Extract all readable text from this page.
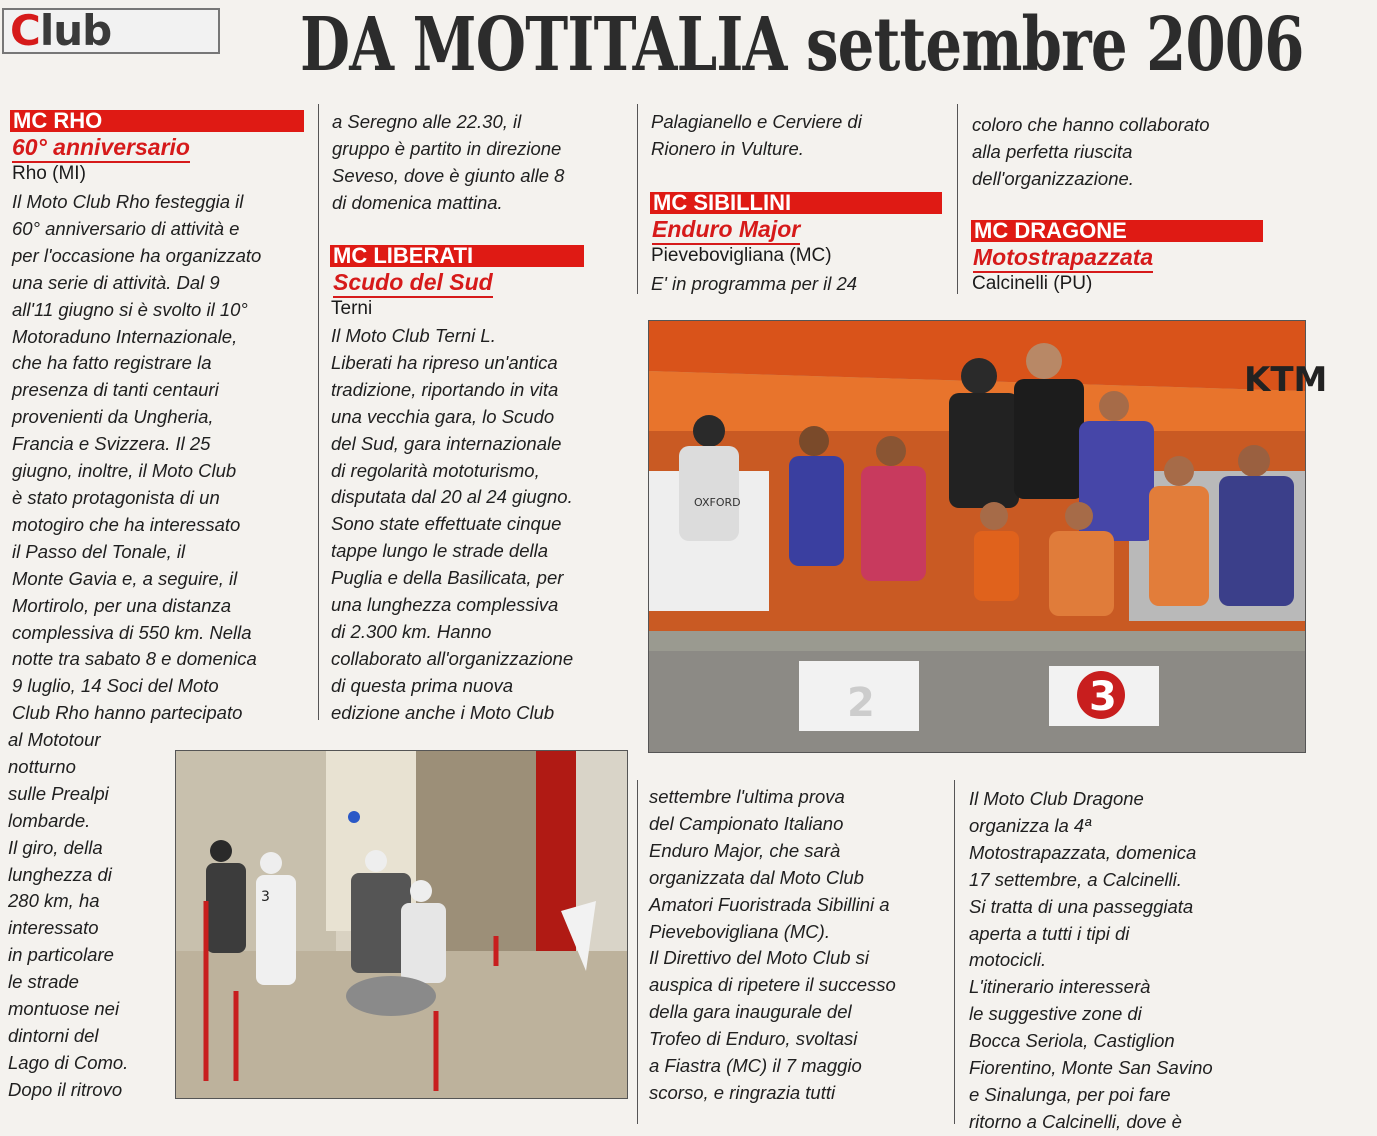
C lub	DA MOTITALIA settembre 2006
MC RHO
60° anniversario
Rho (MI)
Il Moto Club Rho festeggia il
60° anniversario di attività e
per l'occasione ha organizzato
una serie di attività. Dal 9
all'11 giugno si è svolto il 10°
Motoraduno Internazionale,
che ha fatto registrare la
presenza di tanti centauri
provenienti da Ungheria,
Francia e Svizzera. Il 25
giugno, inoltre, il Moto Club
è stato protagonista di un
motogiro che ha interessato
il Passo del Tonale, il
Monte Gavia e, a seguire, il
Mortirolo, per una distanza
complessiva di 550 km. Nella
notte tra sabato 8 e domenica
9 luglio, 14 Soci del Moto
Club Rho hanno partecipato
al Mototour
notturno
sulle Prealpi
lombarde.
Il giro, della
lunghezza di
280 km, ha
interessato
in particolare
le strade
montuose nei
dintorni del
Lago di Como.
Dopo il ritrovo
a Seregno alle 22.30, il
gruppo è partito in direzione
Seveso, dove è giunto alle 8
di domenica mattina.
MC LIBERATI
Scudo del Sud
Terni
Il Moto Club Terni L.
Liberati ha ripreso un'antica
tradizione, riportando in vita
una vecchia gara, lo Scudo
del Sud, gara internazionale
di regolarità mototurismo,
disputata dal 20 al 24 giugno.
Sono state effettuate cinque
tappe lungo le strade della
Puglia e della Basilicata, per
una lunghezza complessiva
di 2.300 km. Hanno
collaborato all'organizzazione
di questa prima nuova
edizione anche i Moto Club
Palagianello e Cerviere di
Rionero in Vulture.
MC SIBILLINI
Enduro Major
Pievebovigliana (MC)
E' in programma per il 24
settembre l'ultima prova
del Campionato Italiano
Enduro Major, che sarà
organizzata dal Moto Club
Amatori Fuoristrada Sibillini a
Pievebovigliana (MC).
Il Direttivo del Moto Club si
auspica di ripetere il successo
della gara inaugurale del
Trofeo di Enduro, svoltasi
a Fiastra (MC) il 7 maggio
scorso, e ringrazia tutti
coloro che hanno collaborato
alla perfetta riuscita
dell'organizzazione.
MC DRAGONE
Motostrapazzata
Calcinelli (PU)
Il Moto Club Dragone
organizza la 4ª
Motostrapazzata, domenica
17 settembre, a Calcinelli.
Si tratta di una passeggiata
aperta a tutti i tipi di
motocicli.
L'itinerario interesserà
le suggestive zone di
Bocca Seriola, Castiglion
Fiorentino, Monte San Savino
e Sinalunga, per poi fare
ritorno a Calcinelli, dove è
KTM
2	3
OXFORD
3
